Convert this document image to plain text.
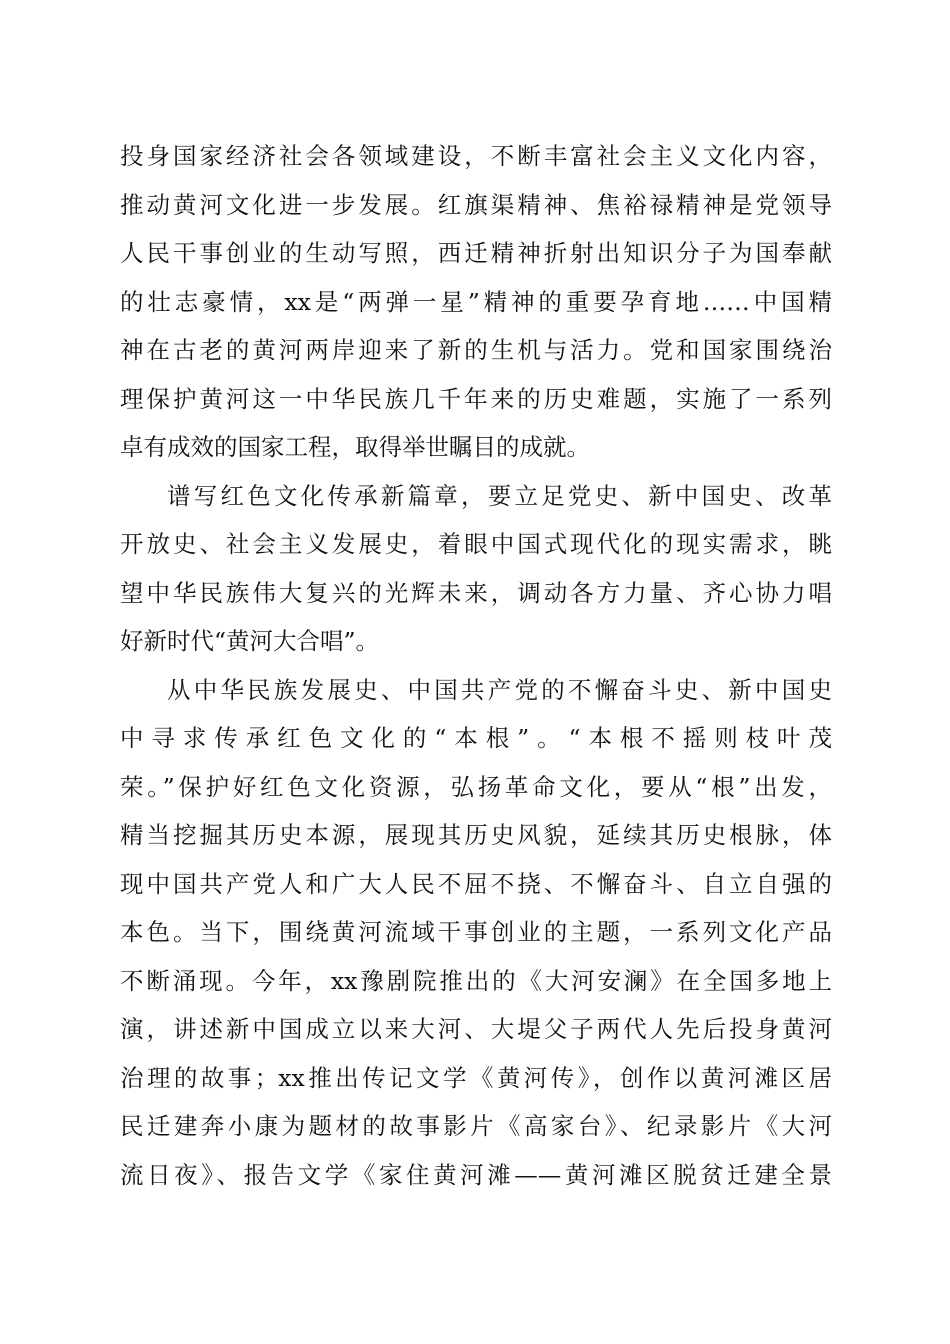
投身国家经济社会各领域建设，不断丰富社会主义文化内容，
推动黄河文化进一步发展。红旗渠精神、焦裕禄精神是党领导
人民干事创业的生动写照，西迁精神折射出知识分子为国奉献
的壮志豪情，xx是“两弹一星”精神的重要孕育地……中国精
神在古老的黄河两岸迎来了新的生机与活力。党和国家围绕治
理保护黄河这一中华民族几千年来的历史难题，实施了一系列
卓有成效的国家工程，取得举世瞩目的成就。
谱写红色文化传承新篇章，要立足党史、新中国史、改革
开放史、社会主义发展史，着眼中国式现代化的现实需求，眺
望中华民族伟大复兴的光辉未来，调动各方力量、齐心协力唱
好新时代“黄河大合唱”。
从中华民族发展史、中国共产党的不懈奋斗史、新中国史
中寻求传承红色文化的“本根”。“本根不摇则枝叶茂
荣。”保护好红色文化资源，弘扬革命文化，要从“根”出发，
精当挖掘其历史本源，展现其历史风貌，延续其历史根脉，体
现中国共产党人和广大人民不屈不挠、不懈奋斗、自立自强的
本色。当下，围绕黄河流域干事创业的主题，一系列文化产品
不断涌现。今年，xx豫剧院推出的《大河安澜》在全国多地上
演，讲述新中国成立以来大河、大堤父子两代人先后投身黄河
治理的故事；xx推出传记文学《黄河传》，创作以黄河滩区居
民迁建奔小康为题材的故事影片《高家台》、纪录影片《大河
流日夜》、报告文学《家住黄河滩——黄河滩区脱贫迁建全景
